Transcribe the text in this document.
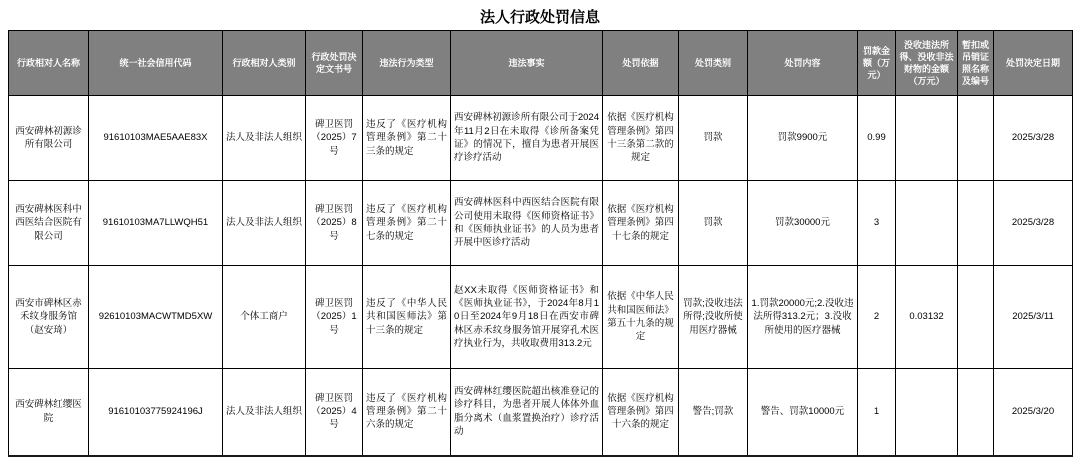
法人行政处罚信息
行政相对人名称	统一社会信用代码	行政相对人类别	行政处罚决定文书号	违法行为类型	违法事实	处罚依据	处罚类别	处罚内容	罚款金额（万元）	没收违法所得、没收非法财物的金额（万元）	暂扣或吊销证照名称及编号	处罚决定日期
西安碑林初源诊所有限公司	91610103MAE5AAE83X	法人及非法人组织	碑卫医罚（2025）7号	违反了《医疗机构管理条例》第二十三条的规定	西安碑林初源诊所有限公司于2024年11月2日在未取得《诊所备案凭证》的情况下，擅自为患者开展医疗诊疗活动	依据《医疗机构管理条例》第四十三条第二款的规定	罚款	罚款9900元	0.99			2025/3/28
西安碑林医科中西医结合医院有限公司	91610103MA7LLWQH51	法人及非法人组织	碑卫医罚（2025）8号	违反了《医疗机构管理条例》第二十七条的规定	西安碑林医科中西医结合医院有限公司使用未取得《医师资格证书》和《医师执业证书》的人员为患者开展中医诊疗活动	依据《医疗机构管理条例》第四十七条的规定	罚款	罚款30000元	3			2025/3/28
西安市碑林区赤禾纹身服务馆（赵安琦）	92610103MACWTMD5XW	个体工商户	碑卫医罚（2025）1号	违反了《中华人民共和国医师法》第十三条的规定	赵XX未取得《医师资格证书》和《医师执业证书》，于2024年8月10日至2024年9月18日在西安市碑林区赤禾纹身服务馆开展穿孔术医疗执业行为，共收取费用313.2元	依据《中华人民共和国医师法》第五十九条的规定	罚款;没收违法所得;没收所使用医疗器械	1.罚款20000元;2.没收违法所得313.2元；3.没收所使用的医疗器械	2	0.03132		2025/3/11
西安碑林红缨医院	91610103775924196J	法人及非法人组织	碑卫医罚（2025）4号	违反了《医疗机构管理条例》第二十六条的规定	西安碑林红缨医院超出核准登记的诊疗科目，为患者开展人体体外血脂分离术（血浆置换治疗）诊疗活动	依据《医疗机构管理条例》第四十六条的规定	警告;罚款	警告、罚款10000元	1			2025/3/20
